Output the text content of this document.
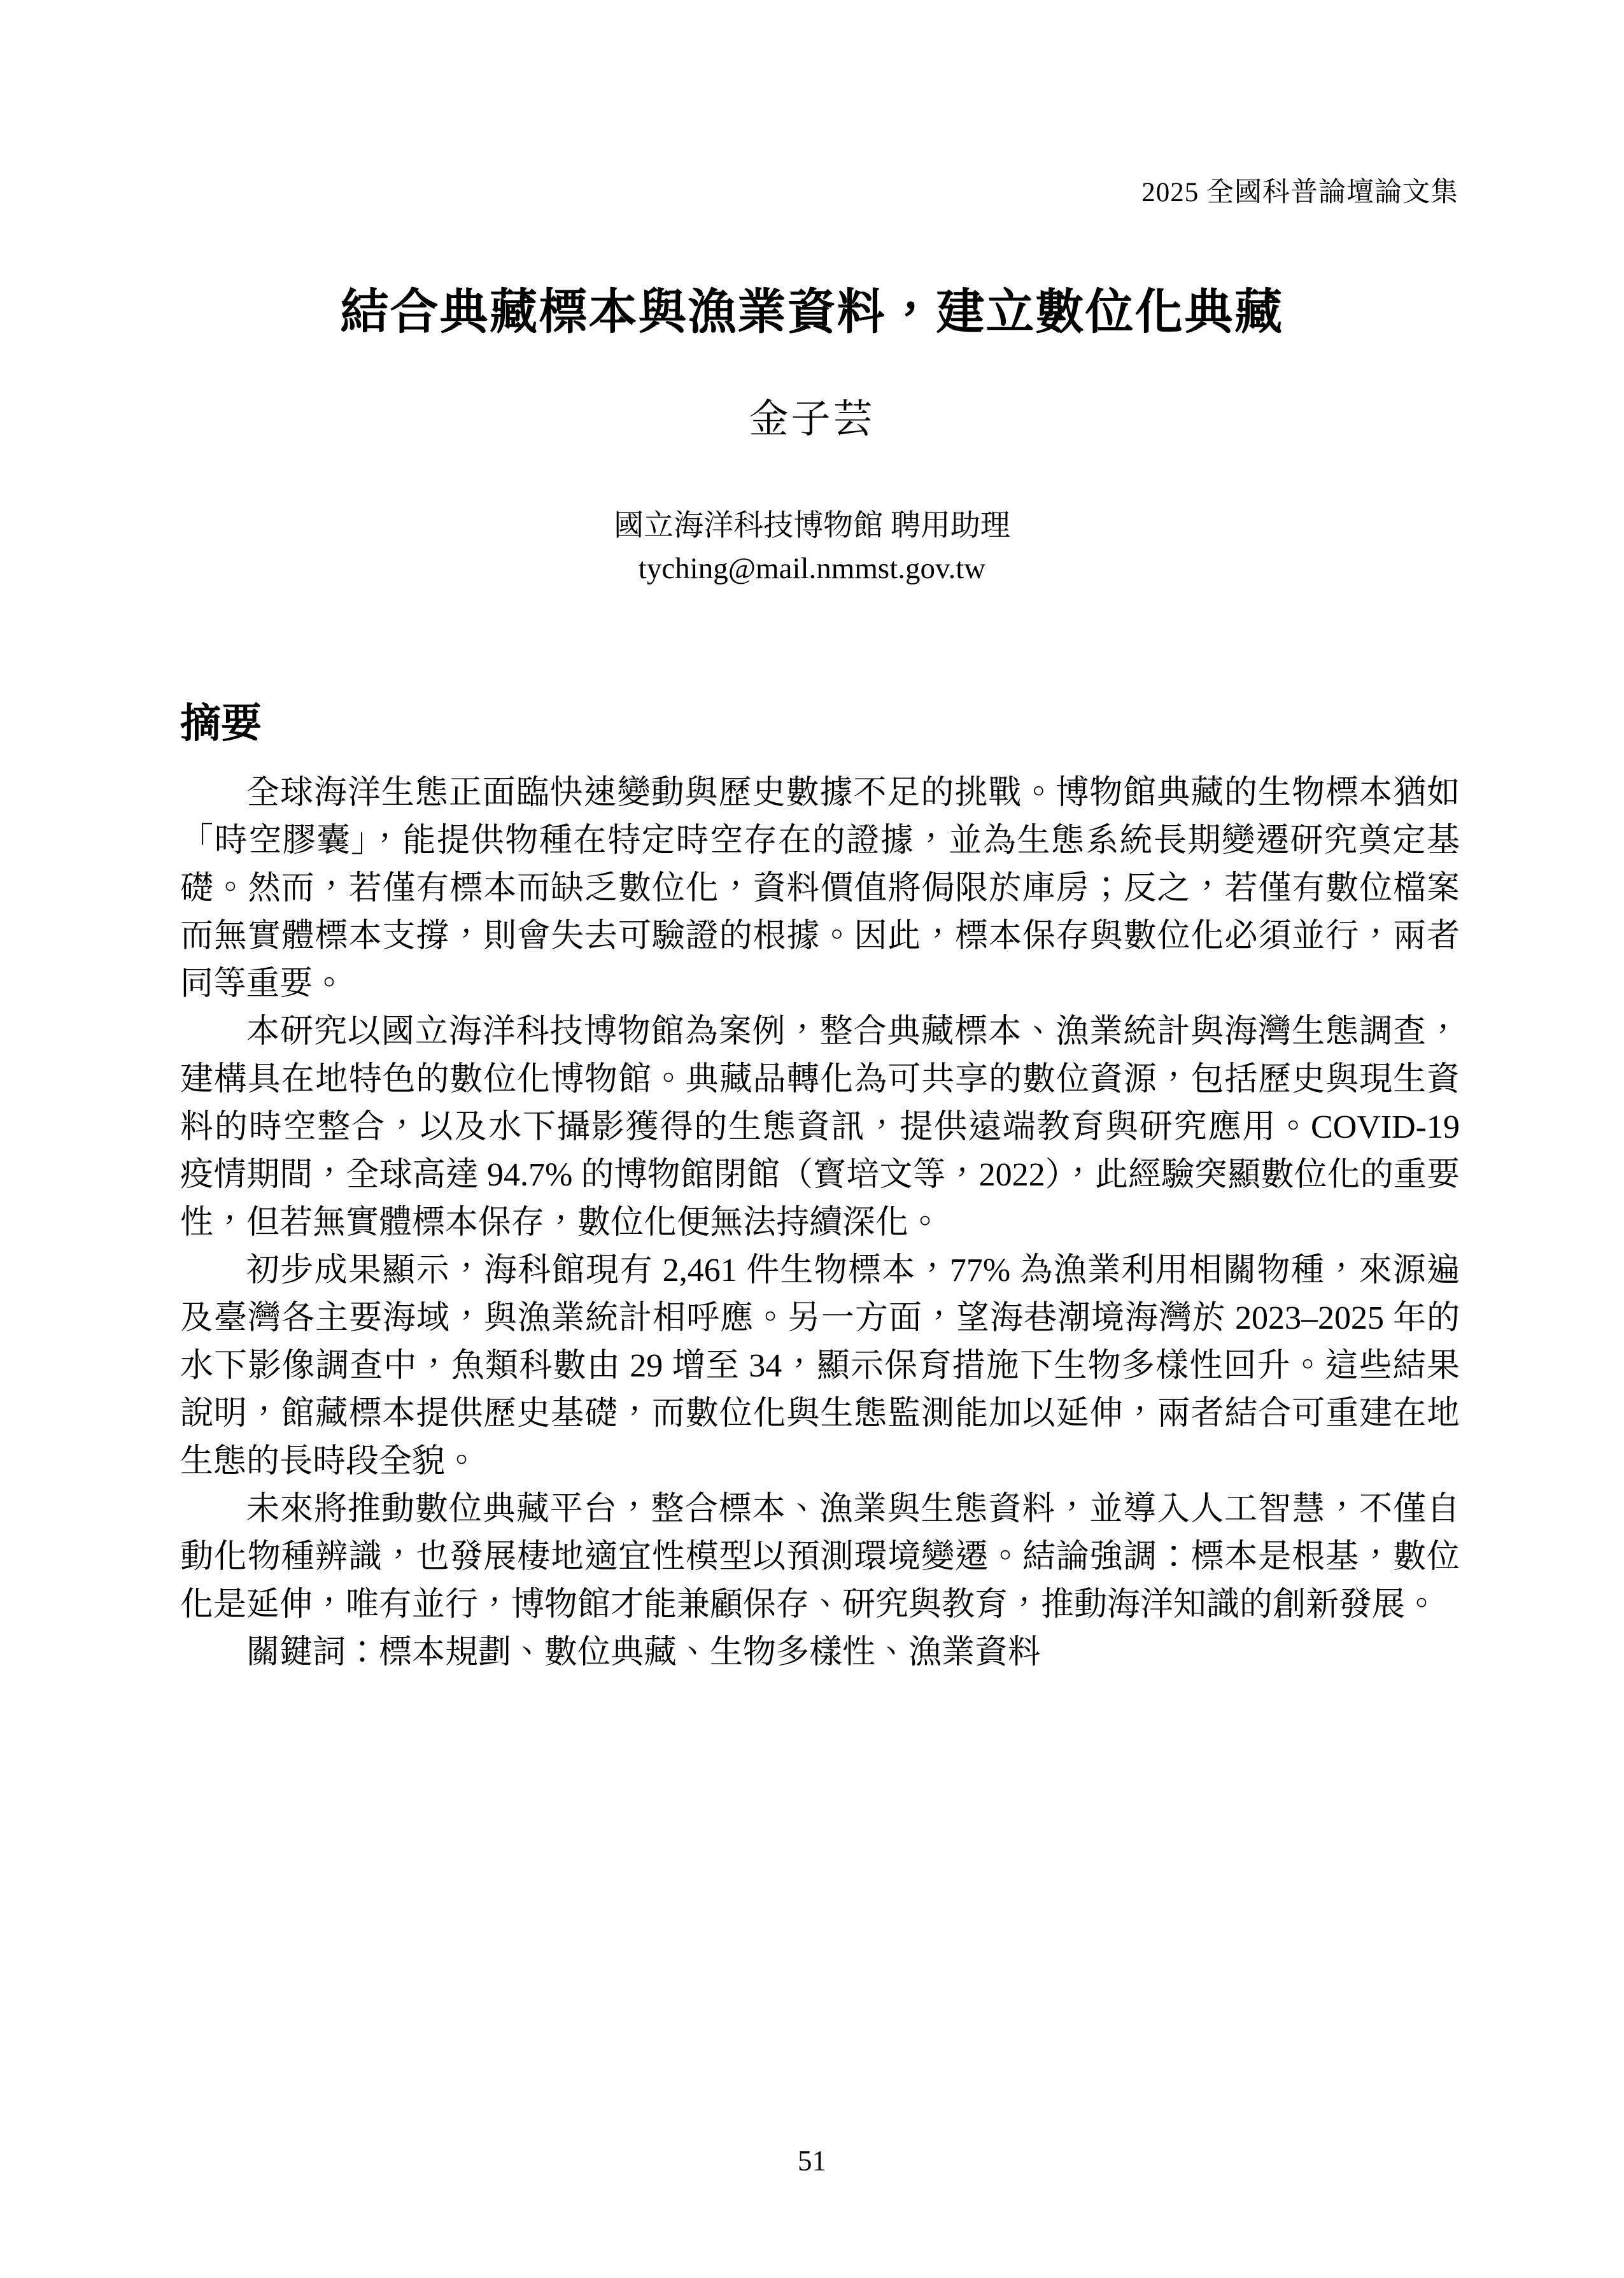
2025 全國科普論壇論文集
結合典藏標本與漁業資料，建立數位化典藏
金子芸
國立海洋科技博物館 聘用助理
tyching@mail.nmmst.gov.tw
摘要

全球海洋生態正面臨快速變動與歷史數據不足的挑戰。博物館典藏的生物標本猶如「時空膠囊」，能提供物種在特定時空存在的證據，並為生態系統長期變遷研究奠定基礎。然而，若僅有標本而缺乏數位化，資料價值將侷限於庫房；反之，若僅有數位檔案而無實體標本支撐，則會失去可驗證的根據。因此，標本保存與數位化必須並行，兩者同等重要。

本研究以國立海洋科技博物館為案例，整合典藏標本、漁業統計與海灣生態調查，建構具在地特色的數位化博物館。典藏品轉化為可共享的數位資源，包括歷史與現生資料的時空整合，以及水下攝影獲得的生態資訊，提供遠端教育與研究應用。COVID-19 疫情期間，全球高達 94.7% 的博物館閉館（寳培文等，2022），此經驗突顯數位化的重要性，但若無實體標本保存，數位化便無法持續深化。

初步成果顯示，海科館現有 2,461 件生物標本，77% 為漁業利用相關物種，來源遍及臺灣各主要海域，與漁業統計相呼應。另一方面，望海巷潮境海灣於 2023–2025 年的水下影像調查中，魚類科數由 29 增至 34，顯示保育措施下生物多樣性回升。這些結果說明，館藏標本提供歷史基礎，而數位化與生態監測能加以延伸，兩者結合可重建在地生態的長時段全貌。

未來將推動數位典藏平台，整合標本、漁業與生態資料，並導入人工智慧，不僅自動化物種辨識，也發展棲地適宜性模型以預測環境變遷。結論強調：標本是根基，數位化是延伸，唯有並行，博物館才能兼顧保存、研究與教育，推動海洋知識的創新發展。

關鍵詞：標本規劃、數位典藏、生物多樣性、漁業資料

51
